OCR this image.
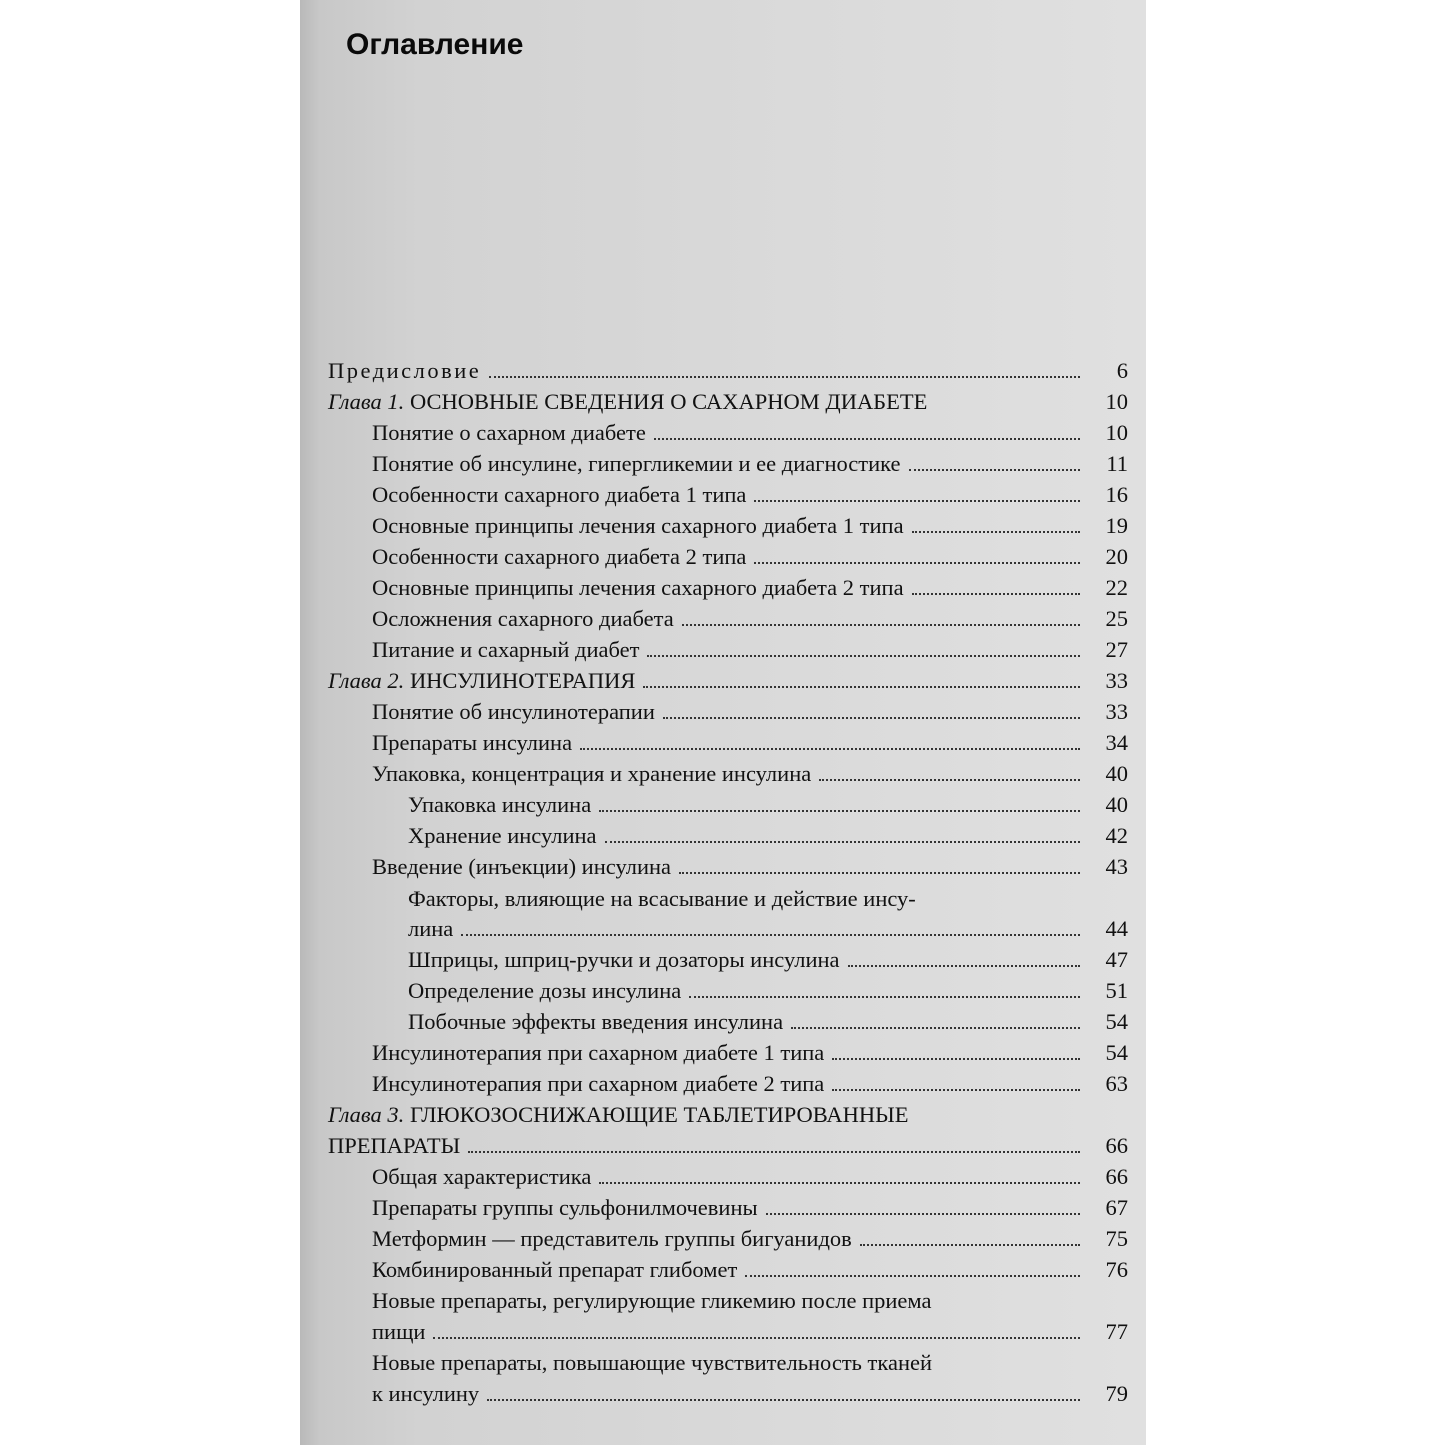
Оглавление
Предисловие	6
Глава 1. ОСНОВНЫЕ СВЕДЕНИЯ О САХАРНОМ ДИАБЕТЕ	10
Понятие о сахарном диабете	10
Понятие об инсулине, гипергликемии и ее диагностике	11
Особенности сахарного диабета 1 типа	16
Основные принципы лечения сахарного диабета 1 типа	19
Особенности сахарного диабета 2 типа	20
Основные принципы лечения сахарного диабета 2 типа	22
Осложнения сахарного диабета	25
Питание и сахарный диабет	27
Глава 2. ИНСУЛИНОТЕРАПИЯ	33
Понятие об инсулинотерапии	33
Препараты инсулина	34
Упаковка, концентрация и хранение инсулина	40
Упаковка инсулина	40
Хранение инсулина	42
Введение (инъекции) инсулина	43
Факторы, влияющие на всасывание и действие инсу-
лина	44
Шприцы, шприц-ручки и дозаторы инсулина	47
Определение дозы инсулина	51
Побочные эффекты введения инсулина	54
Инсулинотерапия при сахарном диабете 1 типа	54
Инсулинотерапия при сахарном диабете 2 типа	63
Глава 3. ГЛЮКОЗОСНИЖАЮЩИЕ ТАБЛЕТИРОВАННЫЕ
ПРЕПАРАТЫ	66
Общая характеристика	66
Препараты группы сульфонилмочевины	67
Метформин — представитель группы бигуанидов	75
Комбинированный препарат глибомет	76
Новые препараты, регулирующие гликемию после приема
пищи	77
Новые препараты, повышающие чувствительность тканей
к инсулину	79
